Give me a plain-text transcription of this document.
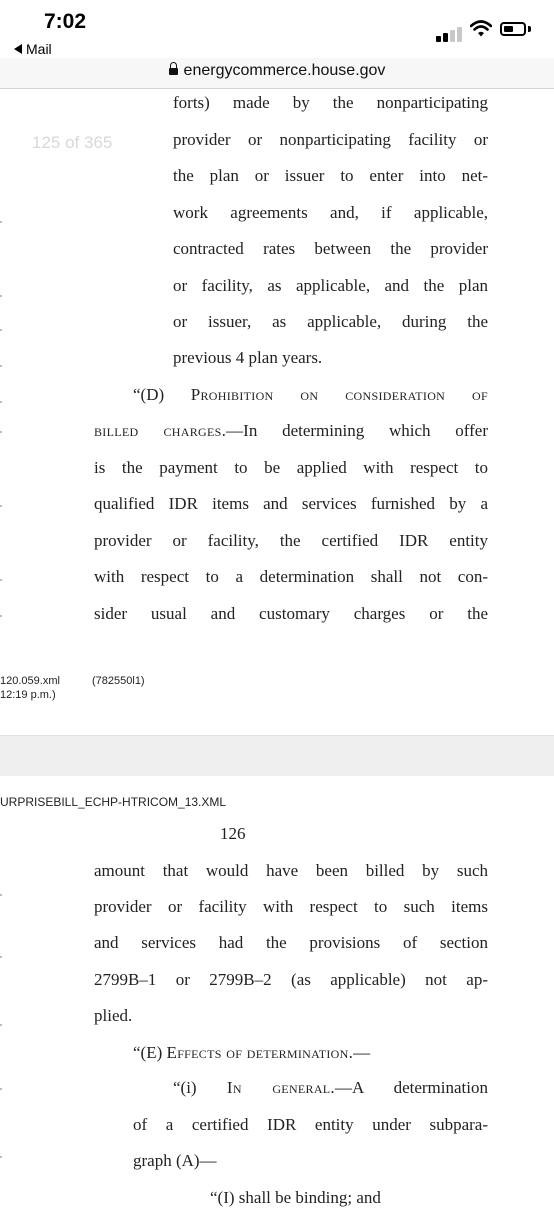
7:02
Mail
energycommerce.house.gov
125 of 365
forts) made by the nonparticipating
provider or nonparticipating facility or
the plan or issuer to enter into net-
work agreements and, if applicable,
contracted rates between the provider
or facility, as applicable, and the plan
or issuer, as applicable, during the
previous 4 plan years.
“(D) Prohibition on consideration of
billed charges.—In determining which offer
is the payment to be applied with respect to
qualified IDR items and services furnished by a
provider or facility, the certified IDR entity
with respect to a determination shall not con-
sider usual and customary charges or the
120.059.xml
12:19 p.m.)
(782550l1)
URPRISEBILL_ECHP-HTRICOM_13.XML
126
amount that would have been billed by such
provider or facility with respect to such items
and services had the provisions of section
2799B–1 or 2799B–2 (as applicable) not ap-
plied.
“(E) Effects of determination.—
“(i) In general.—A determination
of a certified IDR entity under subpara-
graph (A)—
“(I) shall be binding; and
